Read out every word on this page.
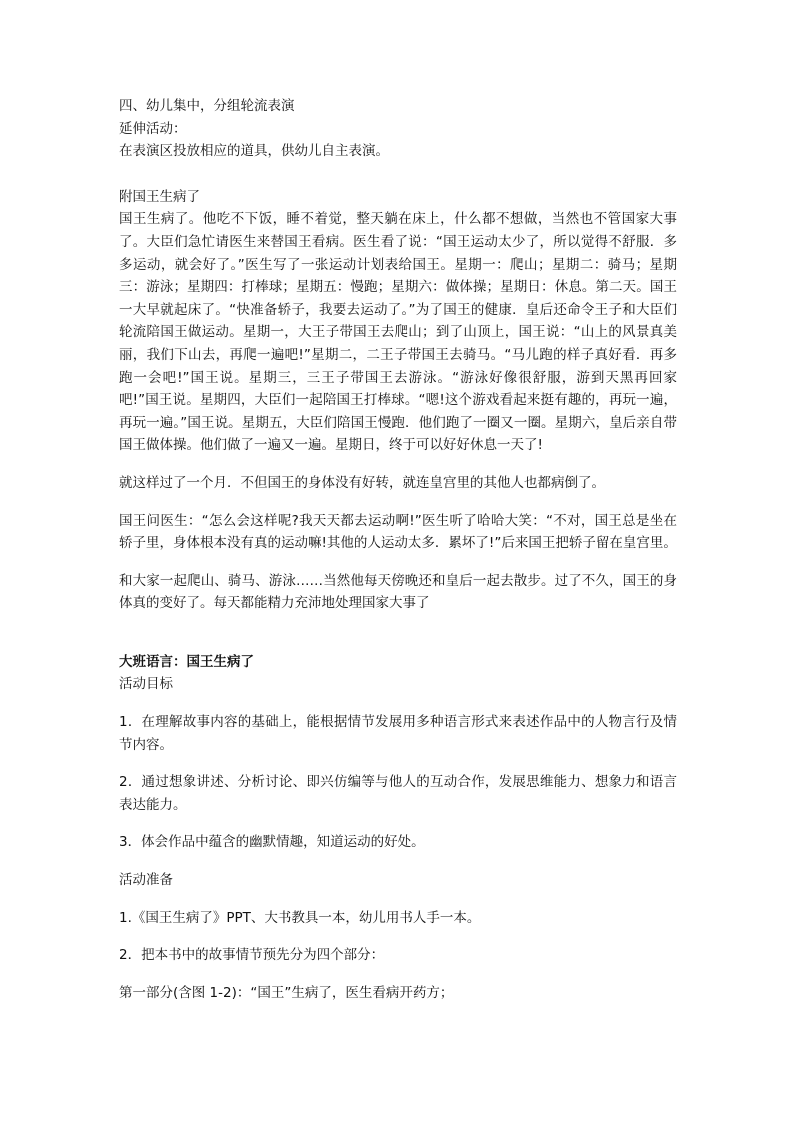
四、幼儿集中，分组轮流表演
延伸活动：
在表演区投放相应的道具，供幼儿自主表演。
附国王生病了
国王生病了。他吃不下饭，睡不着觉，整天躺在床上，什么都不想做，当然也不管国家大事了。大臣们急忙请医生来替国王看病。医生看了说：“国王运动太少了，所以觉得不舒服．多多运动，就会好了。”医生写了一张运动计划表给国王。星期一：爬山；星期二：骑马；星期三：游泳；星期四：打棒球；星期五：慢跑；星期六：做体操；星期日：休息。第二天。国王一大早就起床了。“快准备轿子，我要去运动了。”为了国王的健康．皇后还命令王子和大臣们轮流陪国王做运动。星期一，大王子带国王去爬山；到了山顶上，国王说：“山上的风景真美丽，我们下山去，再爬一遍吧!”星期二，二王子带国王去骑马。“马儿跑的样子真好看．再多跑一会吧!”国王说。星期三，三王子带国王去游泳。“游泳好像很舒服，游到天黑再回家吧!”国王说。星期四，大臣们一起陪国王打棒球。“嗯!这个游戏看起来挺有趣的，再玩一遍，再玩一遍。”国王说。星期五，大臣们陪国王慢跑．他们跑了一圈又一圈。星期六，皇后亲自带国王做体操。他们做了一遍又一遍。星期日，终于可以好好休息一天了!
就这样过了一个月．不但国王的身体没有好转，就连皇宫里的其他人也都病倒了。
国王问医生：“怎么会这样呢?我天天都去运动啊!”医生听了哈哈大笑：“不对，国王总是坐在轿子里，身体根本没有真的运动嘛!其他的人运动太多．累坏了!”后来国王把轿子留在皇宫里。
和大家一起爬山、骑马、游泳……当然他每天傍晚还和皇后一起去散步。过了不久，国王的身体真的变好了。每天都能精力充沛地处理国家大事了
大班语言：国王生病了
活动目标
1．在理解故事内容的基础上，能根据情节发展用多种语言形式来表述作品中的人物言行及情节内容。
2．通过想象讲述、分析讨论、即兴仿编等与他人的互动合作，发展思维能力、想象力和语言表达能力。
3．体会作品中蕴含的幽默情趣，知道运动的好处。
活动准备
1.《国王生病了》PPT、大书教具一本，幼儿用书人手一本。
2．把本书中的故事情节预先分为四个部分：
第一部分(含图 1-2)：“国王”生病了，医生看病开药方；
